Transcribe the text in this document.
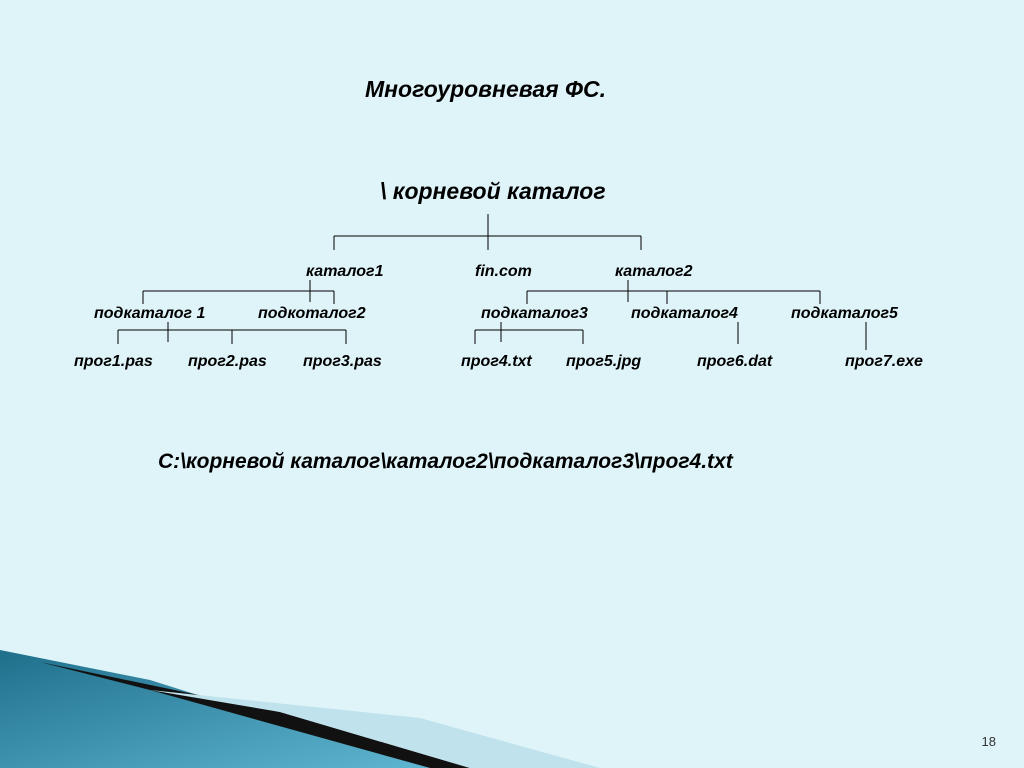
Многоуровневая ФС.
\ корневой каталог
каталог1	fin.com	каталог2
подкаталог 1	подкоталог2	подкаталог3	подкаталог4	подкаталог5
прог1.pas прог2.pas прог3.pas	прог4.txt прог5.jpg	прог6.dat	прог7.exe
C:\корневой каталог\каталог2\подкаталог3\прог4.txt
18
